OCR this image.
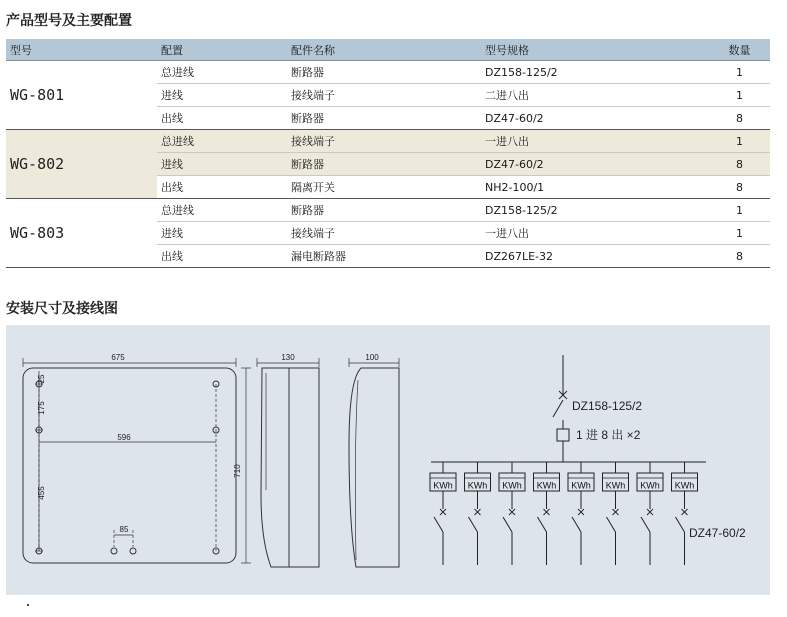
产品型号及主要配置
型号	配置	配件名称	型号规格	数量
WG-801	总进线	断路器	DZ158-125/2	1
	进线	接线端子	二进八出	1
	出线	断路器	DZ47-60/2	8
WG-802	总进线	接线端子	一进八出	1
	进线	断路器	DZ47-60/2	8
	出线	隔离开关	NH2-100/1	8
WG-803	总进线	断路器	DZ158-125/2	1
	进线	接线端子	一进八出	1
	出线	漏电断路器	DZ267LE-32	8
安装尺寸及接线图
675
25
175
455
596
85
710
130	100
KWh KWh KWh KWh KWh KWh KWh KWh
DZ158-125/2
1 进 8 出 ×2
DZ47-60/2
